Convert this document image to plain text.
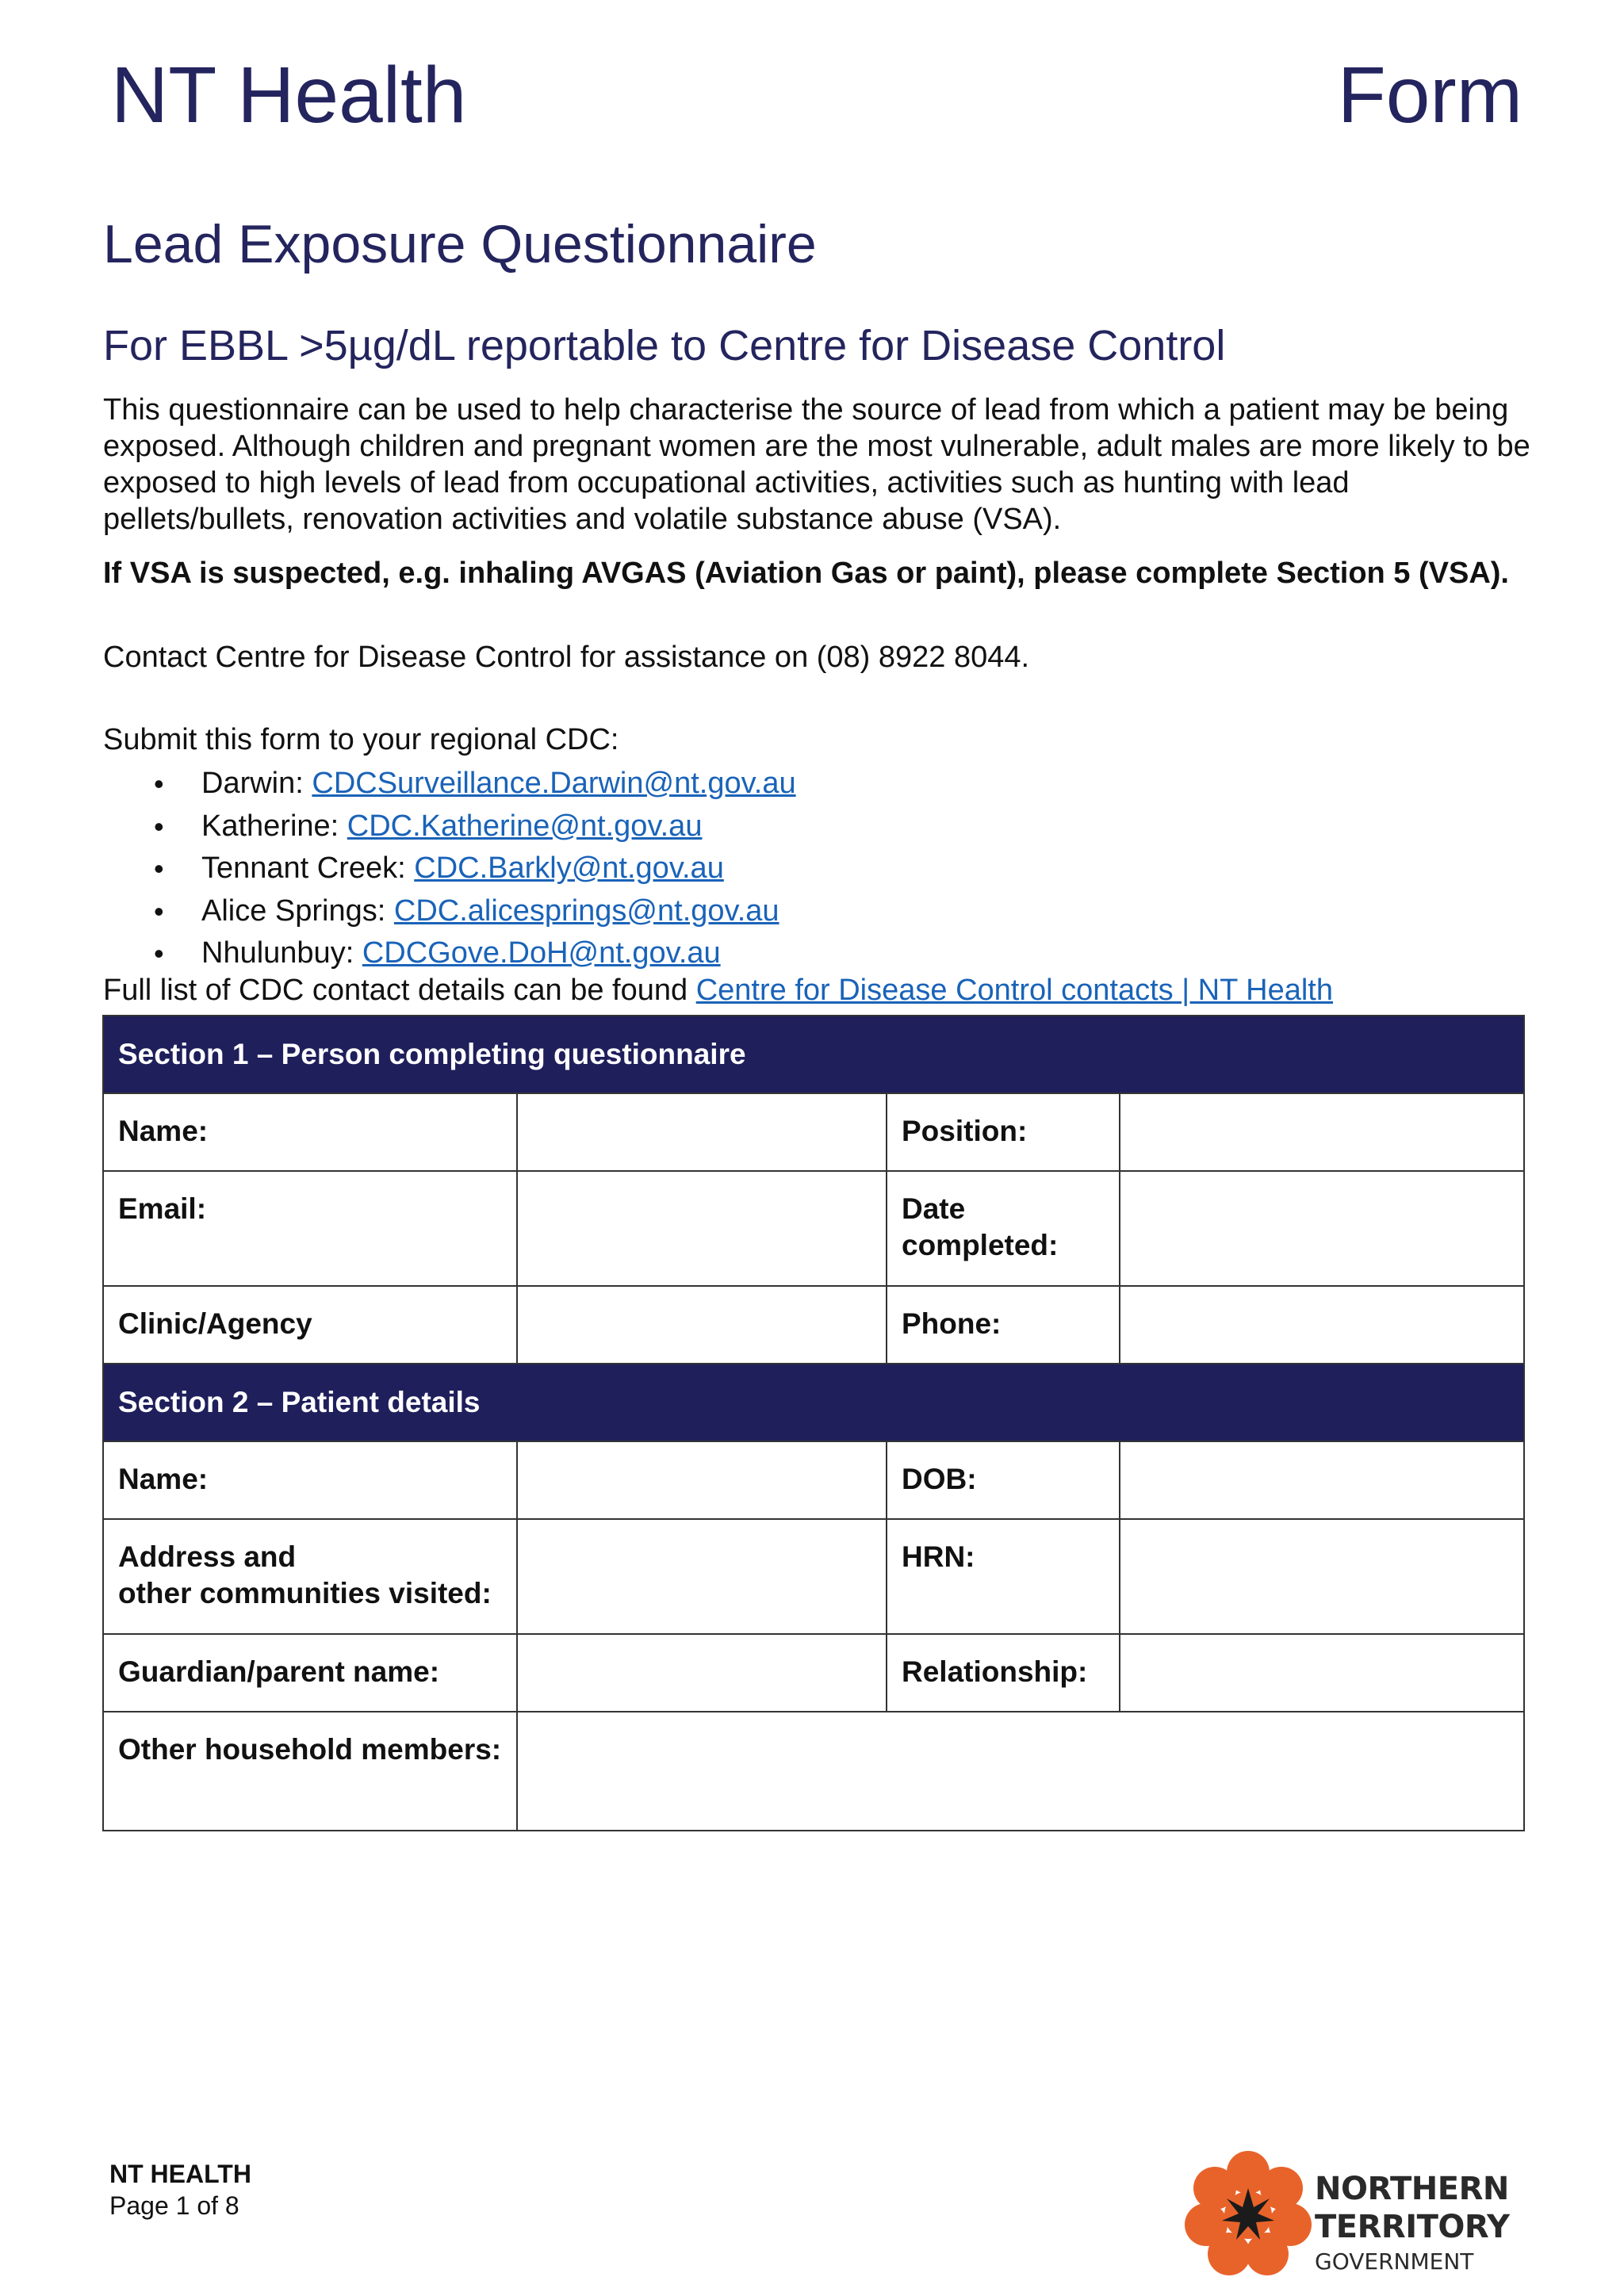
NT Health	Form
Lead Exposure Questionnaire
For EBBL >5µg/dL reportable to Centre for Disease Control

This questionnaire can be used to help characterise the source of lead from which a patient may be being exposed. Although children and pregnant women are the most vulnerable, adult males are more likely to be exposed to high levels of lead from occupational activities, activities such as hunting with lead pellets/bullets, renovation activities and volatile substance abuse (VSA).

If VSA is suspected, e.g. inhaling AVGAS (Aviation Gas or paint), please complete Section 5 (VSA).

Contact Centre for Disease Control for assistance on (08) 8922 8044.

Submit this form to your regional CDC:

• Darwin: CDCSurveillance.Darwin@nt.gov.au
• Katherine: CDC.Katherine@nt.gov.au
• Tennant Creek: CDC.Barkly@nt.gov.au
• Alice Springs: CDC.alicesprings@nt.gov.au
• Nhulunbuy: CDCGove.DoH@nt.gov.au

Full list of CDC contact details can be found Centre for Disease Control contacts | NT Health

Section 1 – Person completing questionnaire			
Name:		Position:	
Email:		Date completed:	
Clinic/Agency		Phone:	
Section 2 – Patient details			
Name:		DOB:	
Address and
other communities visited:		HRN:	
Guardian/parent name:		Relationship:	
Other household members:			
NT HEALTH
Page 1 of 8	NORTHERN
TERRITORY
GOVERNMENT
